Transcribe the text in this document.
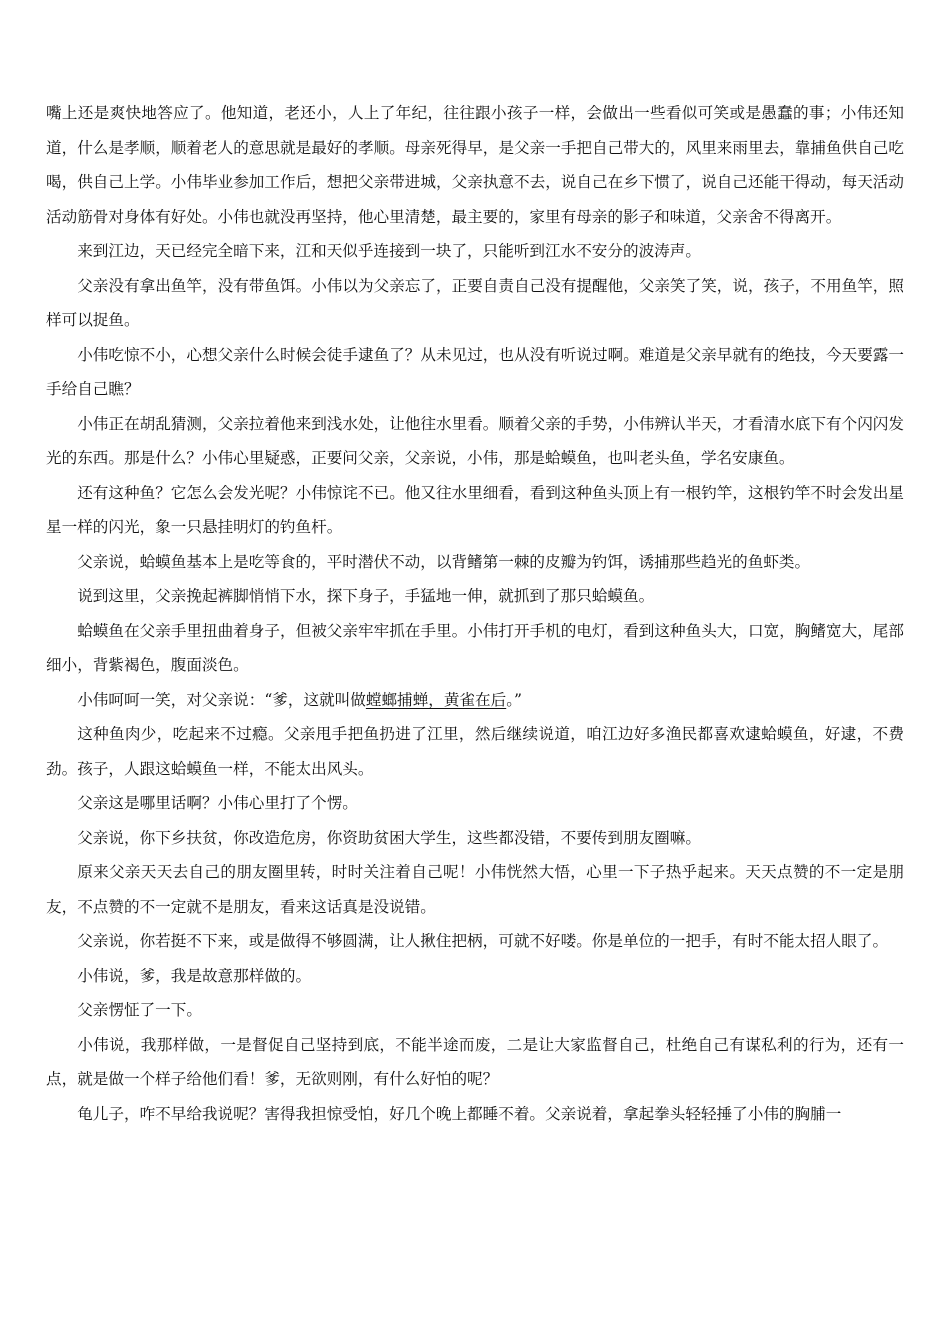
嘴上还是爽快地答应了。他知道，老还小，人上了年纪，往往跟小孩子一样，会做出一些看似可笑或是愚蠢的事；小伟还知道，什么是孝顺，顺着老人的意思就是最好的孝顺。母亲死得早，是父亲一手把自己带大的，风里来雨里去，靠捕鱼供自己吃喝，供自己上学。小伟毕业参加工作后，想把父亲带进城，父亲执意不去，说自己在乡下惯了，说自己还能干得动，每天活动活动筋骨对身体有好处。小伟也就没再坚持，他心里清楚，最主要的，家里有母亲的影子和味道，父亲舍不得离开。

来到江边，天已经完全暗下来，江和天似乎连接到一块了，只能听到江水不安分的波涛声。

父亲没有拿出鱼竿，没有带鱼饵。小伟以为父亲忘了，正要自责自己没有提醒他，父亲笑了笑，说，孩子，不用鱼竿，照样可以捉鱼。

小伟吃惊不小，心想父亲什么时候会徒手逮鱼了？从未见过，也从没有听说过啊。难道是父亲早就有的绝技，今天要露一手给自己瞧？

小伟正在胡乱猜测，父亲拉着他来到浅水处，让他往水里看。顺着父亲的手势，小伟辨认半天，才看清水底下有个闪闪发光的东西。那是什么？小伟心里疑惑，正要问父亲，父亲说，小伟，那是蛤蟆鱼，也叫老头鱼，学名安康鱼。

还有这种鱼？它怎么会发光呢？小伟惊诧不已。他又往水里细看，看到这种鱼头顶上有一根钓竿，这根钓竿不时会发出星星一样的闪光，象一只悬挂明灯的钓鱼杆。

父亲说，蛤蟆鱼基本上是吃等食的，平时潜伏不动，以背鳍第一棘的皮瓣为钓饵，诱捕那些趋光的鱼虾类。

说到这里，父亲挽起裤脚悄悄下水，探下身子，手猛地一伸，就抓到了那只蛤蟆鱼。

蛤蟆鱼在父亲手里扭曲着身子，但被父亲牢牢抓在手里。小伟打开手机的电灯，看到这种鱼头大，口宽，胸鳍宽大，尾部细小，背紫褐色，腹面淡色。

小伟呵呵一笑，对父亲说：“爹，这就叫做螳螂捕蝉，黄雀在后。”

这种鱼肉少，吃起来不过瘾。父亲甩手把鱼扔进了江里，然后继续说道，咱江边好多渔民都喜欢逮蛤蟆鱼，好逮，不费劲。孩子，人跟这蛤蟆鱼一样，不能太出风头。

父亲这是哪里话啊？小伟心里打了个愣。

父亲说，你下乡扶贫，你改造危房，你资助贫困大学生，这些都没错，不要传到朋友圈嘛。

原来父亲天天去自己的朋友圈里转，时时关注着自己呢！小伟恍然大悟，心里一下子热乎起来。天天点赞的不一定是朋友，不点赞的不一定就不是朋友，看来这话真是没说错。

父亲说，你若挺不下来，或是做得不够圆满，让人揪住把柄，可就不好喽。你是单位的一把手，有时不能太招人眼了。

小伟说，爹，我是故意那样做的。

父亲愣怔了一下。

小伟说，我那样做，一是督促自己坚持到底，不能半途而废，二是让大家监督自己，杜绝自己有谋私利的行为，还有一点，就是做一个样子给他们看！爹，无欲则刚，有什么好怕的呢？

龟儿子，咋不早给我说呢？害得我担惊受怕，好几个晚上都睡不着。父亲说着，拿起拳头轻轻捶了小伟的胸脯一
